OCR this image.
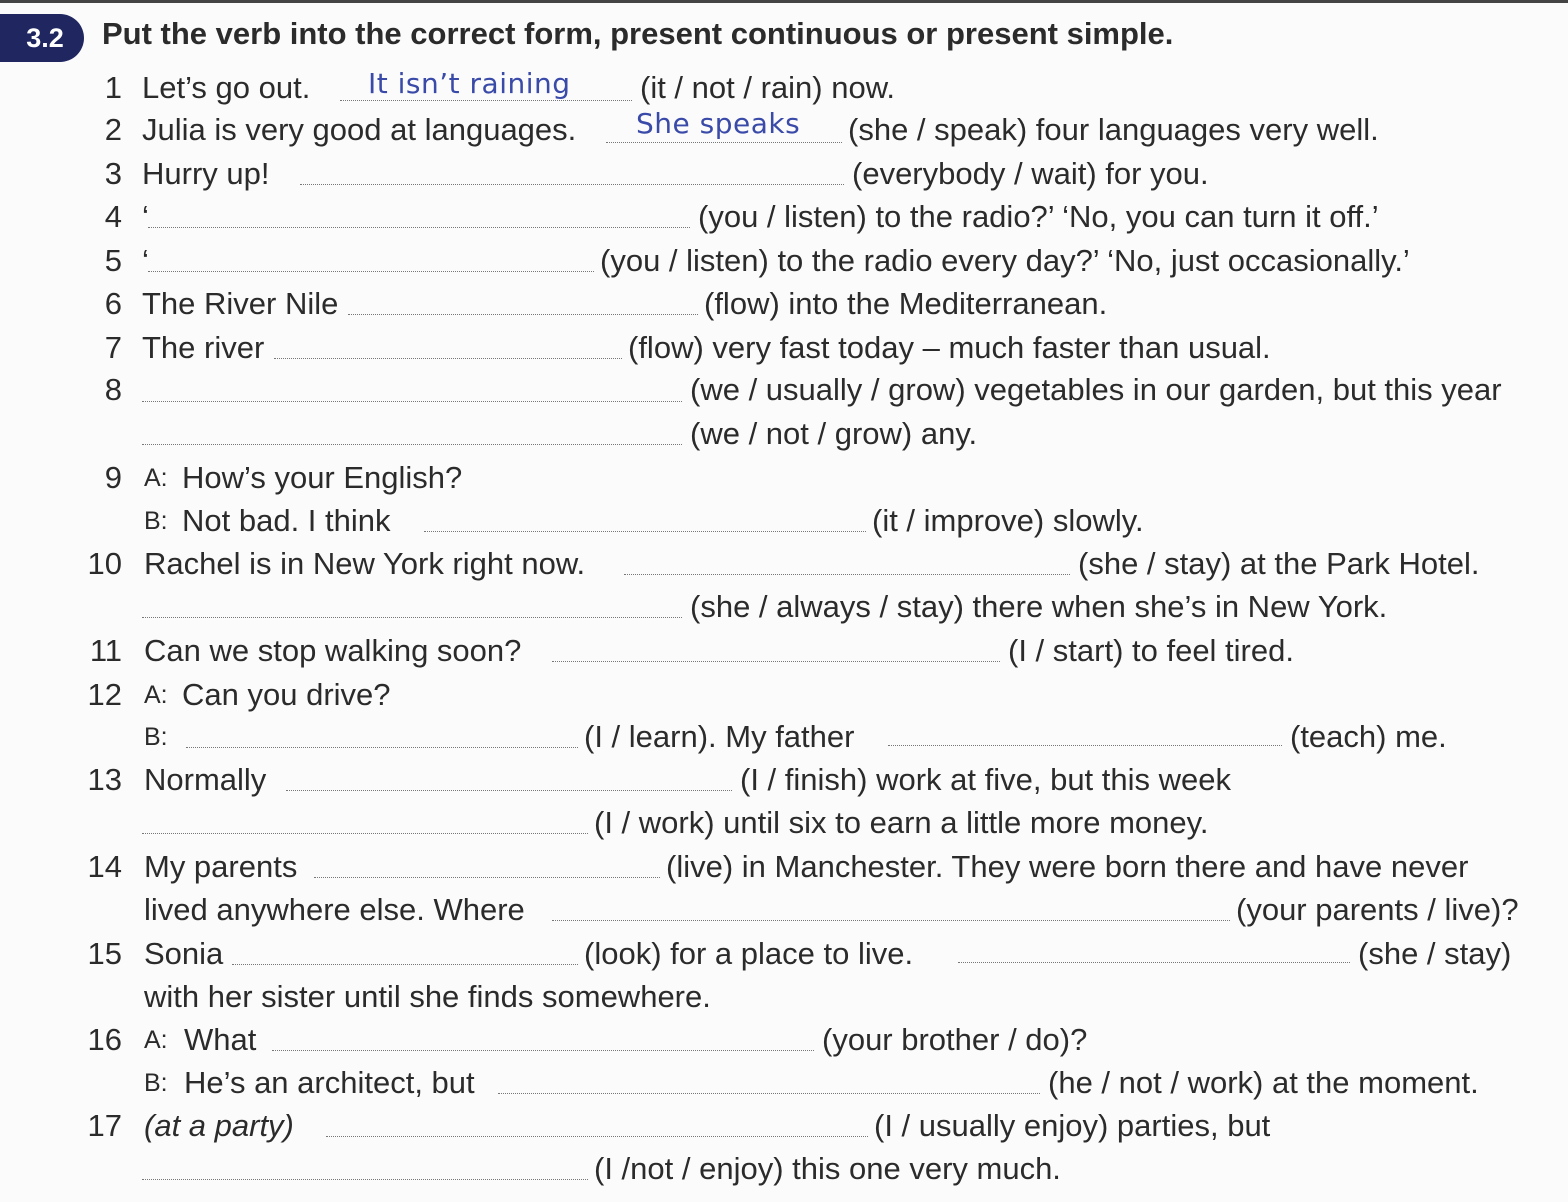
3.2	Put the verb into the correct form, present continuous or present simple.
1 Let’s go out. It isn’t raining (it / not / rain) now.
2 Julia is very good at languages. She speaks (she / speak) four languages very well.
3 Hurry up!	(everybody / wait) for you.
4 ‘	(you / listen) to the radio?’ ‘No, you can turn it off.’
5 ‘	(you / listen) to the radio every day?’ ‘No, just occasionally.’
6 The River Nile	(flow) into the Mediterranean.
7 The river	(flow) very fast today – much faster than usual.
8	(we / usually / grow) vegetables in our garden, but this year
(we / not / grow) any.
9 A: How’s your English?
B: Not bad. I think	(it / improve) slowly.
10 Rachel is in New York right now.	(she / stay) at the Park Hotel.
(she / always / stay) there when she’s in New York.
11 Can we stop walking soon?	(I / start) to feel tired.
12 A: Can you drive?
B:	(I / learn). My father	(teach) me.
13 Normally	(I / finish) work at five, but this week
(I / work) until six to earn a little more money.
14 My parents	(live) in Manchester. They were born there and have never
lived anywhere else. Where	(your parents / live)?
15 Sonia	(look) for a place to live.	(she / stay)
with her sister until she finds somewhere.
16 A: What	(your brother / do)?
B: He’s an architect, but	(he / not / work) at the moment.
17 (at a party)	(I / usually enjoy) parties, but
(I /not / enjoy) this one very much.
